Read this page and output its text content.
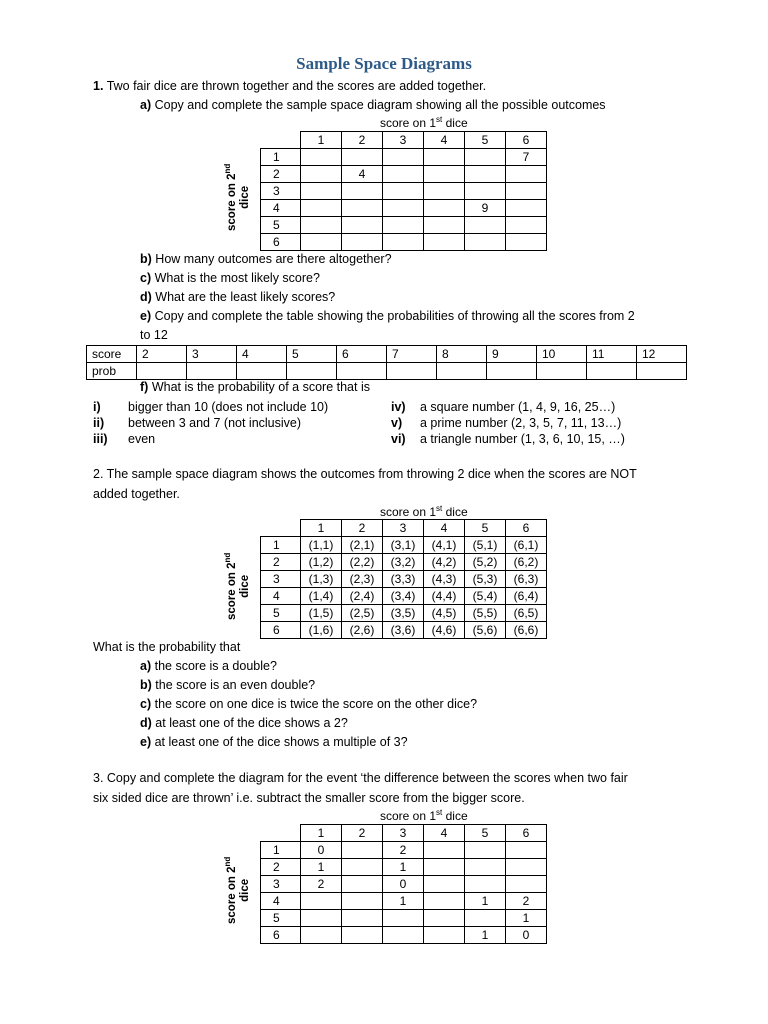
Sample Space Diagrams
1. Two fair dice are thrown together and the scores are added together.
a) Copy and complete the sample space diagram showing all the possible outcomes
score on 1st dice
score on 2nd
dice
	1	2	3	4	5	6
1						7
2		4				
3						
4					9	
5						
6						
b) How many outcomes are there altogether?
c) What is the most likely score?
d) What are the least likely scores?
e) Copy and complete the table showing the probabilities of throwing all the scores from 2
to 12
score	2	3	4	5	6	7	8	9	10	11	12
prob											
f) What is the probability of a score that is
i) bigger than 10 (does not include 10)
ii) between 3 and 7 (not inclusive)
iii) even
iv) a square number (1, 4, 9, 16, 25…)
v) a prime number (2, 3, 5, 7, 11, 13…)
vi) a triangle number (1, 3, 6, 10, 15, …)
2. The sample space diagram shows the outcomes from throwing 2 dice when the scores are NOT
added together.
score on 1st dice
score on 2nd
dice
	1	2	3	4	5	6
1	(1,1)	(2,1)	(3,1)	(4,1)	(5,1)	(6,1)
2	(1,2)	(2,2)	(3,2)	(4,2)	(5,2)	(6,2)
3	(1,3)	(2,3)	(3,3)	(4,3)	(5,3)	(6,3)
4	(1,4)	(2,4)	(3,4)	(4,4)	(5,4)	(6,4)
5	(1,5)	(2,5)	(3,5)	(4,5)	(5,5)	(6,5)
6	(1,6)	(2,6)	(3,6)	(4,6)	(5,6)	(6,6)
What is the probability that
a) the score is a double?
b) the score is an even double?
c) the score on one dice is twice the score on the other dice?
d) at least one of the dice shows a 2?
e) at least one of the dice shows a multiple of 3?
3. Copy and complete the diagram for the event ‘the difference between the scores when two fair
six sided dice are thrown’ i.e. subtract the smaller score from the bigger score.
score on 1st dice
score on 2nd
dice
	1	2	3	4	5	6
1	0		2			
2	1		1			
3	2		0			
4			1		1	2
5						1
6					1	0
